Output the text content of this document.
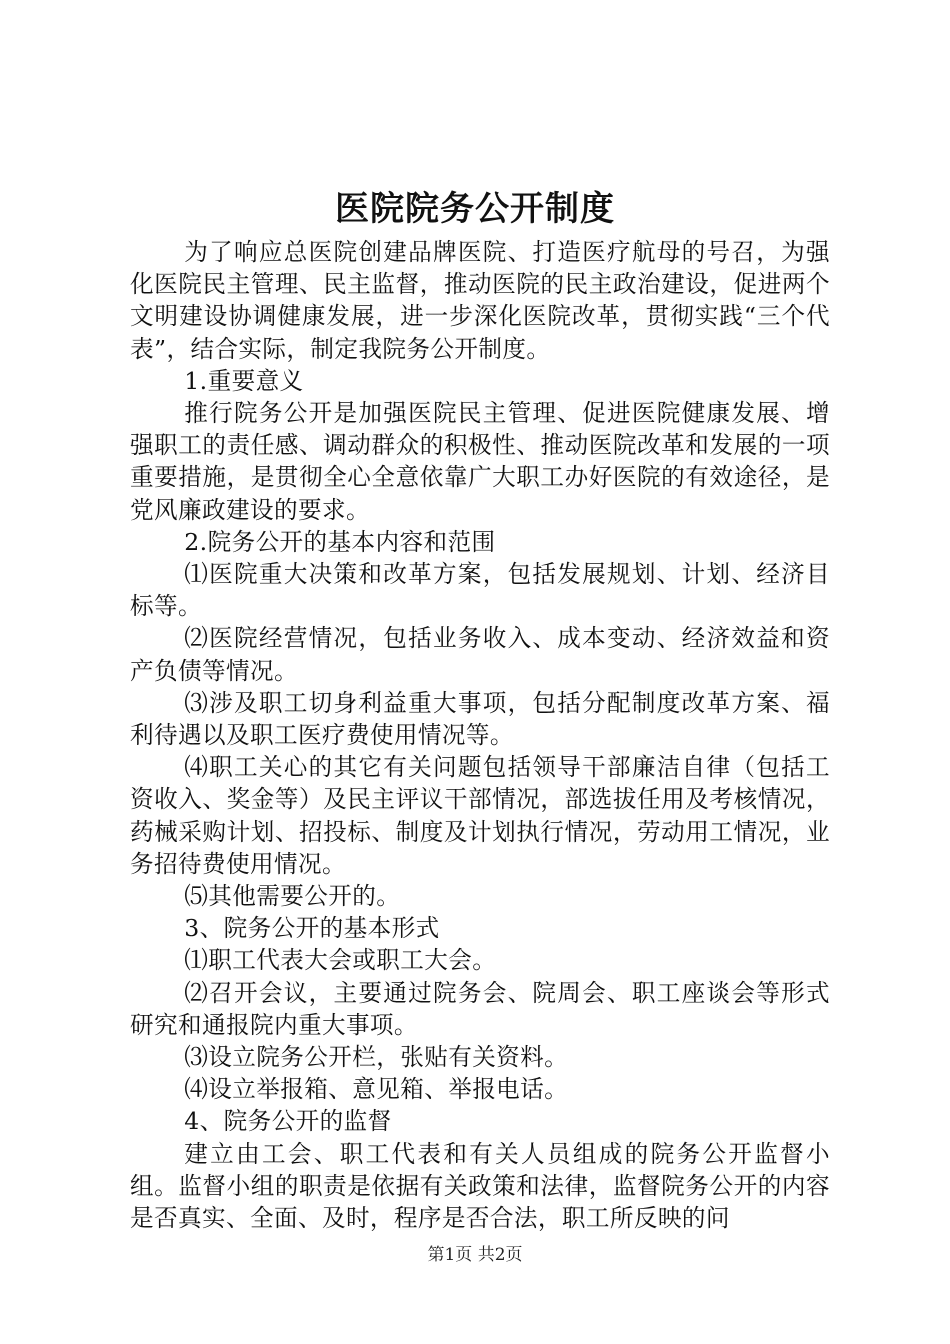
医院院务公开制度

为了响应总医院创建品牌医院、打造医疗航母的号召，为强化医院民主管理、民主监督，推动医院的民主政治建设，促进两个文明建设协调健康发展，进一步深化医院改革，贯彻实践“三个代表”，结合实际，制定我院务公开制度。

1.重要意义

推行院务公开是加强医院民主管理、促进医院健康发展、增强职工的责任感、调动群众的积极性、推动医院改革和发展的一项重要措施，是贯彻全心全意依靠广大职工办好医院的有效途径，是党风廉政建设的要求。

2.院务公开的基本内容和范围

⑴医院重大决策和改革方案，包括发展规划、计划、经济目标等。

⑵医院经营情况，包括业务收入、成本变动、经济效益和资产负债等情况。

⑶涉及职工切身利益重大事项，包括分配制度改革方案、福利待遇以及职工医疗费使用情况等。

⑷职工关心的其它有关问题包括领导干部廉洁自律（包括工资收入、奖金等）及民主评议干部情况，部选拔任用及考核情况，药械采购计划、招投标、制度及计划执行情况，劳动用工情况，业务招待费使用情况。

⑸其他需要公开的。

3、院务公开的基本形式

⑴职工代表大会或职工大会。

⑵召开会议，主要通过院务会、院周会、职工座谈会等形式研究和通报院内重大事项。

⑶设立院务公开栏，张贴有关资料。

⑷设立举报箱、意见箱、举报电话。

4、院务公开的监督

建立由工会、职工代表和有关人员组成的院务公开监督小组。监督小组的职责是依据有关政策和法律，监督院务公开的内容是否真实、全面、及时，程序是否合法，职工所反映的问

第1页 共2页
